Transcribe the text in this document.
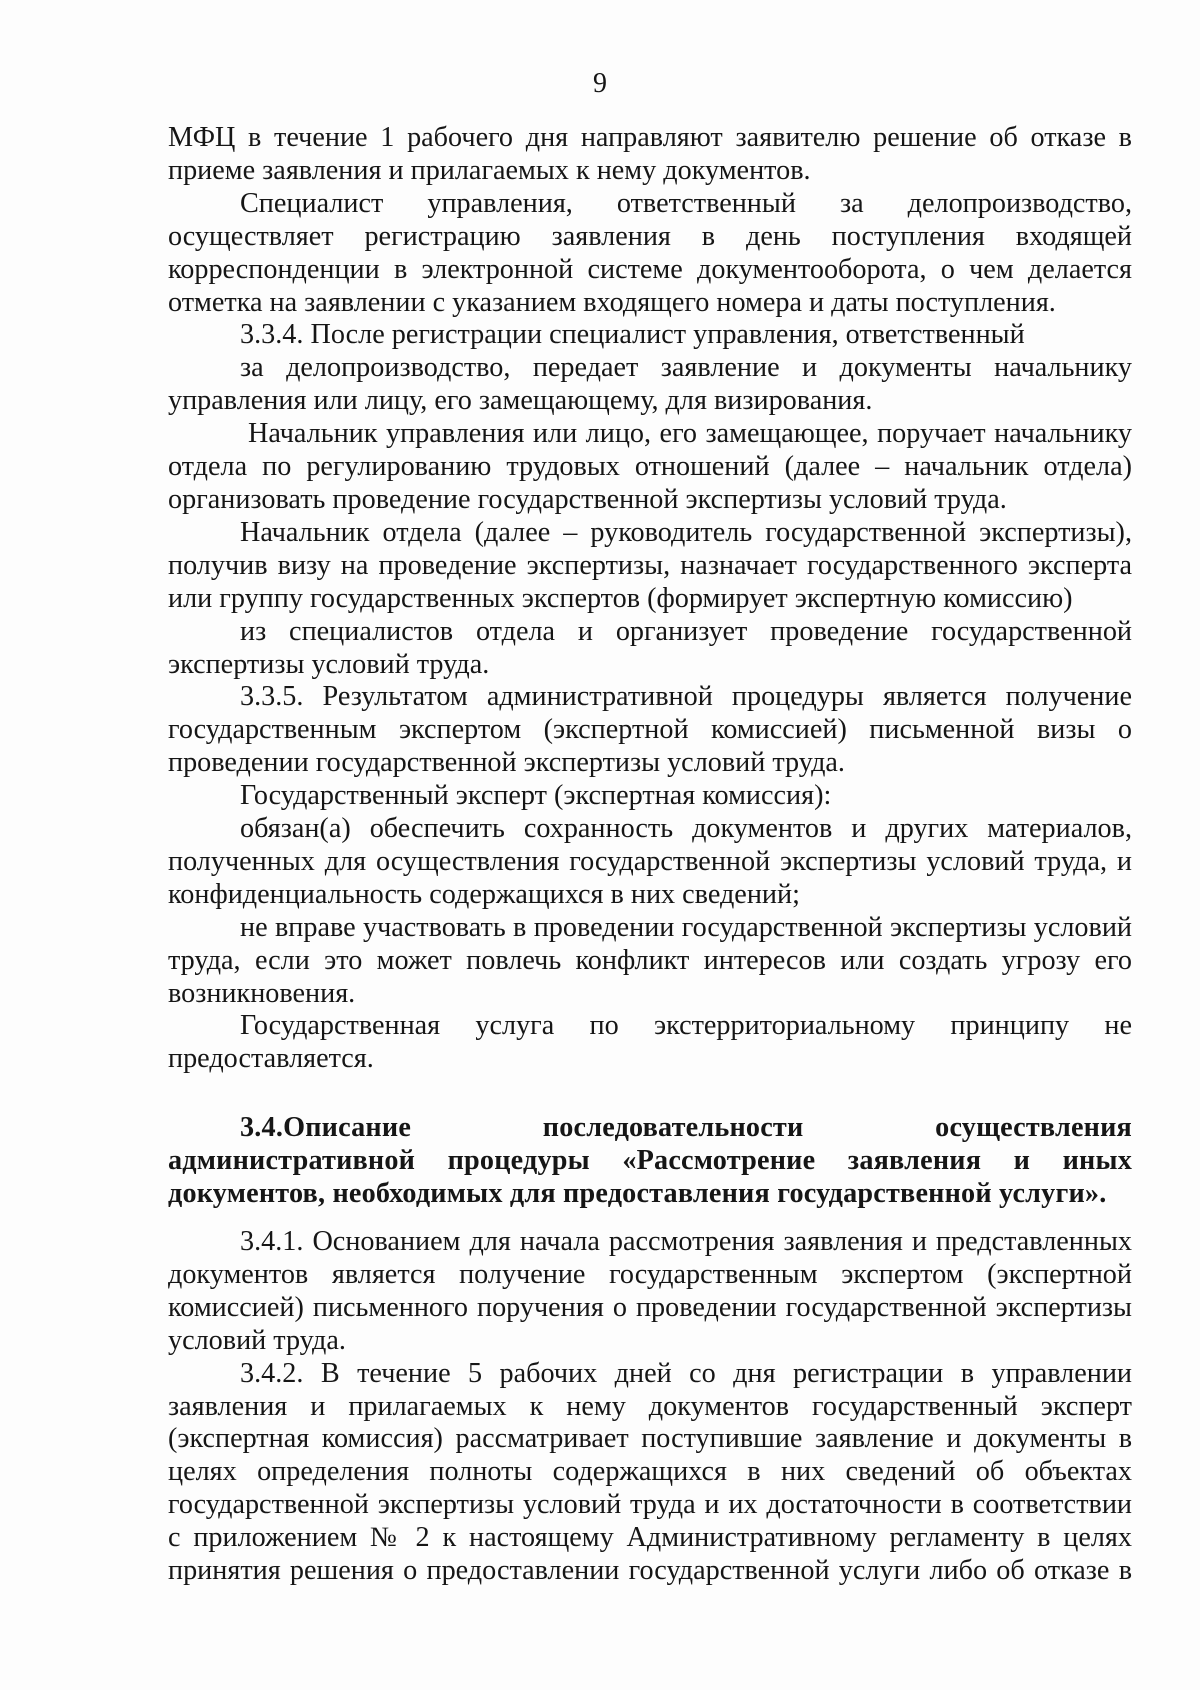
9

МФЦ в течение 1 рабочего дня направляют заявителю решение об отказе в приеме заявления и прилагаемых к нему документов.

Специалист управления, ответственный за делопроизводство, осуществляет регистрацию заявления в день поступления входящей корреспонденции в электронной системе документооборота, о чем делается отметка на заявлении с указанием входящего номера и даты поступления.

3.3.4. После регистрации специалист управления, ответственный

за делопроизводство, передает заявление и документы начальнику управления или лицу, его замещающему, для визирования.

Начальник управления или лицо, его замещающее, поручает начальнику отдела по регулированию трудовых отношений (далее – начальник отдела) организовать проведение государственной экспертизы условий труда.

Начальник отдела (далее – руководитель государственной экспертизы), получив визу на проведение экспертизы, назначает государственного эксперта или группу государственных экспертов (формирует экспертную комиссию)

из специалистов отдела и организует проведение государственной экспертизы условий труда.

3.3.5. Результатом административной процедуры является получение государственным экспертом (экспертной комиссией) письменной визы о проведении государственной экспертизы условий труда.

Государственный эксперт (экспертная комиссия):

обязан(а) обеспечить сохранность документов и других материалов, полученных для осуществления государственной экспертизы условий труда, и конфиденциальность содержащихся в них сведений;

не вправе участвовать в проведении государственной экспертизы условий труда, если это может повлечь конфликт интересов или создать угрозу его возникновения.

Государственная услуга по экстерриториальному принципу не предоставляется.

3.4.Описание последовательности осуществления административной процедуры «Рассмотрение заявления и иных документов, необходимых для предоставления государственной услуги».

3.4.1. Основанием для начала рассмотрения заявления и представленных документов является получение государственным экспертом (экспертной комиссией) письменного поручения о проведении государственной экспертизы условий труда.

3.4.2. В течение 5 рабочих дней со дня регистрации в управлении заявления и прилагаемых к нему документов государственный эксперт (экспертная комиссия) рассматривает поступившие заявление и документы в целях определения полноты содержащихся в них сведений об объектах государственной экспертизы условий труда и их достаточности в соответствии с приложением № 2 к настоящему Административному регламенту в целях принятия решения о предоставлении государственной услуги либо об отказе в
